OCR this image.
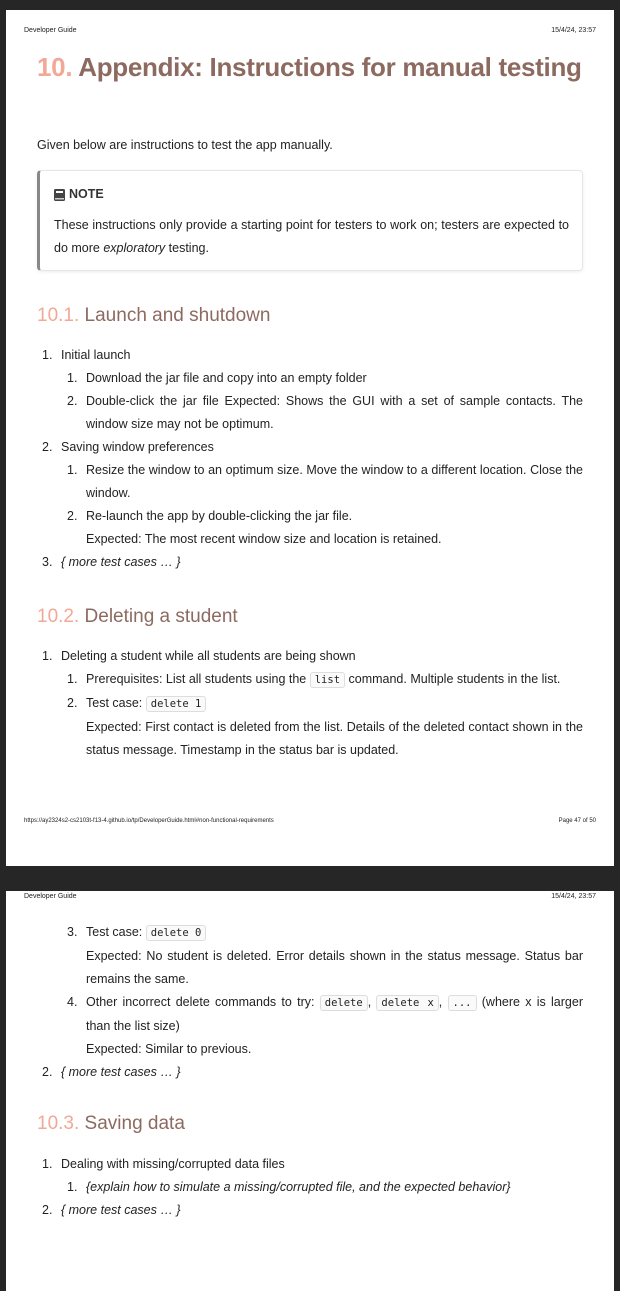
Developer Guide	15/4/24, 23:57
10. Appendix: Instructions for manual testing

Given below are instructions to test the app manually.

NOTE

These instructions only provide a starting point for testers to work on; testers are expected to do more exploratory testing.

10.1. Launch and shutdown
1. Initial launch
1. Download the jar file and copy into an empty folder
2. Double-click the jar file Expected: Shows the GUI with a set of sample contacts. The window size may not be optimum.
2. Saving window preferences
1. Resize the window to an optimum size. Move the window to a different location. Close the window.
2. Re-launch the app by double-clicking the jar file.
Expected: The most recent window size and location is retained.
3. { more test cases … }
10.2. Deleting a student
1. Deleting a student while all students are being shown
1. Prerequisites: List all students using the list command. Multiple students in the list.
2. Test case: delete 1
Expected: First contact is deleted from the list. Details of the deleted contact shown in the status message. Timestamp in the status bar is updated.
https://ay2324s2-cs2103t-f13-4.github.io/tp/DeveloperGuide.html#non-functional-requirements	Page 47 of 50
Developer Guide	15/4/24, 23:57
3. Test case: delete 0
Expected: No student is deleted. Error details shown in the status message. Status bar remains the same.
4. Other incorrect delete commands to try: delete , delete x , ... (where x is larger than the list size)
Expected: Similar to previous.
2. { more test cases … }
10.3. Saving data
1. Dealing with missing/corrupted data files
1. {explain how to simulate a missing/corrupted file, and the expected behavior}
2. { more test cases … }
